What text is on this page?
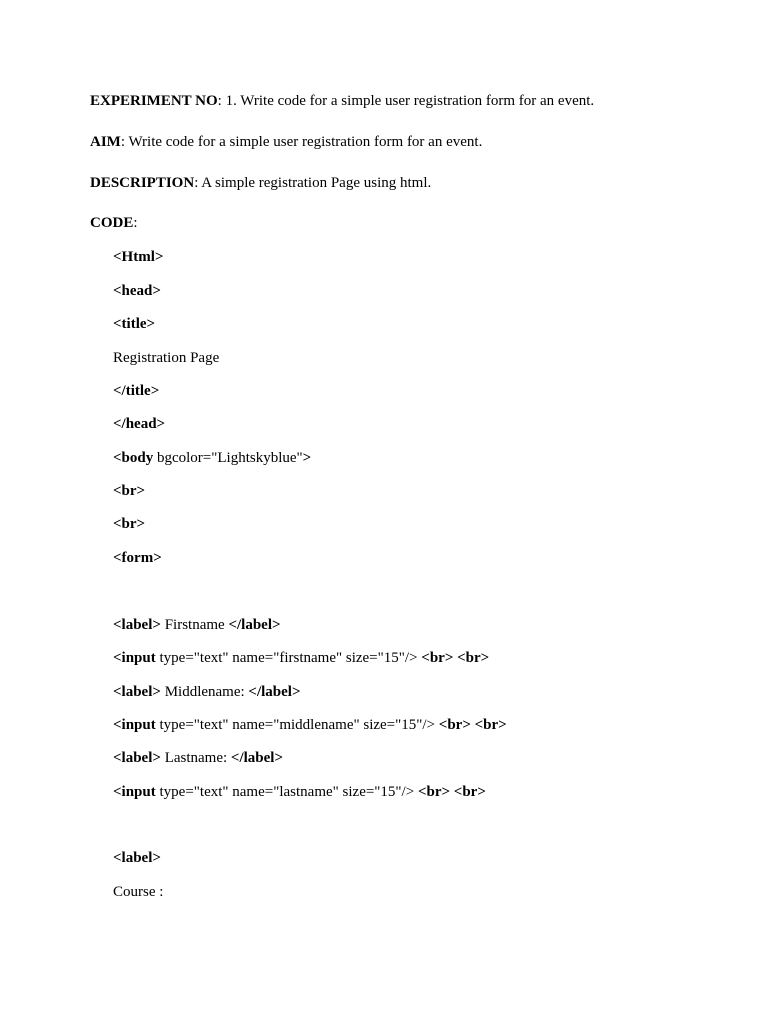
EXPERIMENT NO: 1. Write code for a simple user registration form for an event.
AIM: Write code for a simple user registration form for an event.
DESCRIPTION: A simple registration Page using html.
CODE:
<Html>
<head>
<title>
Registration Page
</title>
</head>
<body bgcolor="Lightskyblue">
<br>
<br>
<form>
<label> Firstname </label>
<input type="text" name="firstname" size="15"/> <br> <br>
<label> Middlename: </label>
<input type="text" name="middlename" size="15"/> <br> <br>
<label> Lastname: </label>
<input type="text" name="lastname" size="15"/> <br> <br>
<label>
Course :
